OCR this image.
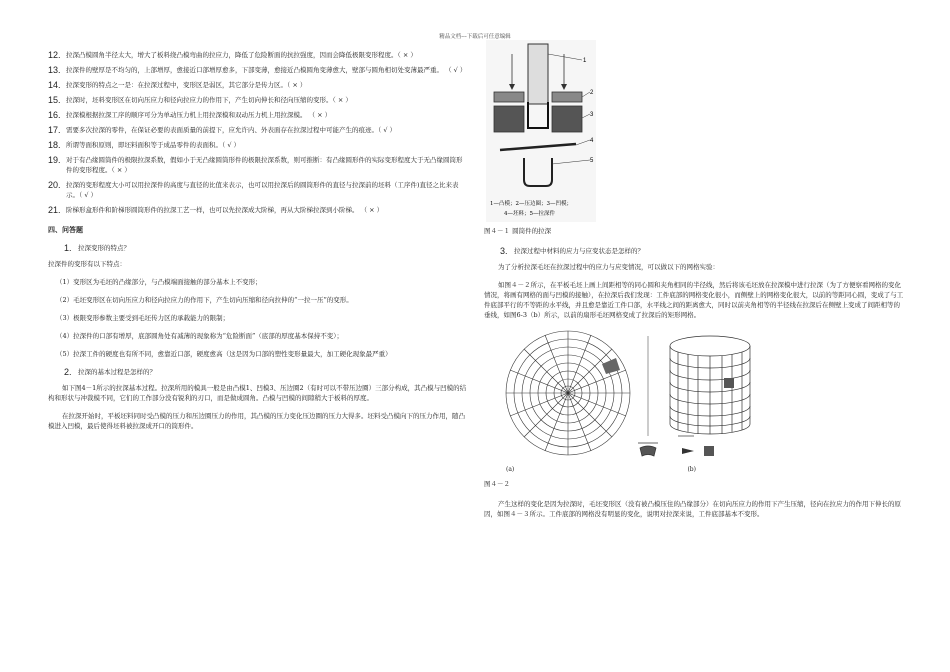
精品文档---下载后可任意编辑
12. 拉深凸模圆角半径太大，增大了板料绕凸模弯曲的拉应力，降低了危险断面的抗拉强度，因而会降低极限变形程度。（ × ）
13. 拉深件的壁厚是不均匀的，上部增厚，愈接近口部增厚愈多，下部变薄，愈接近凸模圆角变薄愈大，壁部与圆角相切处变薄最严重。 （ √ ）
14. 拉深变形的特点之一是：在拉深过程中，变形区是弱区，其它部分是传力区。（ × ）
15. 拉深时，坯料变形区在切向压应力和径向拉应力的作用下，产生切向伸长和径向压缩的变形。（ × ）
16. 拉深模根据拉深工序的顺序可分为单动压力机上用拉深模和双动压力机上用拉深模。 （ × ）
17. 需要多次拉深的零件，在保证必要的表面质量的前提下，应允许内、外表面存在拉深过程中可能产生的痕迹。（ √ ）
18. 所谓等面积原则，即坯料面积等于成品零件的表面积。（ √ ）
19. 对于有凸缘圆筒件的极限拉深系数，假如小于无凸缘圆筒形件的极限拉深系数，则可推断：有凸缘圆形件的实际变形程度大于无凸缘圆筒形件的变形程度。（ × ）
20. 拉深的变形程度大小可以用拉深件的高度与直径的比值来表示，也可以用拉深后的圆筒形件的直径与拉深前的坯料（工序件)直径之比来表示。（ √ ）
21. 阶梯形盒形件和阶梯形圆筒形件的拉深工艺一样，也可以先拉深成大阶梯，再从大阶梯拉深到小阶梯。 （ × ）
四、问答题
1. 拉深变形的特点？
拉深件的变形有以下特点：
（1）变形区为毛坯的凸缘部分，与凸模端面接触的部分基本上不变形；
（2）毛坯变形区在切向压应力和径向拉应力的作用下，产生切向压缩和径向拉伸的“一拉一压”的变形。
（3）极限变形参数主要受到毛坯传力区的承载能力的限制；
（4）拉深件的口部有增厚，底部圆角处有减薄的现象称为“危险断面”（底部的厚度基本保持不变）；
（5）拉深工件的硬度也有所不同，愈靠近口部，硬度愈高（这是因为口部的塑性变形量最大，加工硬化现象最严重）
2. 拉深的基本过程是怎样的？
如下图4－1所示的拉深基本过程。拉深所用的模具一般是由凸模1、凹模3、压边圈2（有时可以不带压边圈）三部分构成，其凸模与凹模的结构和形状与冲裁模不同，它们的工作部分没有锐利的刃口，而是做成圆角。凸模与凹模的间隙稍大于板料的厚度。
在拉深开始时，平板坯料同时受凸模的压力和压边圈压力的作用，其凸模的压力变化压边圈的压力大得多。坯料受凸模向下的压力作用，随凸模进入凹模，最后使得坯料被拉深成开口的筒形件。
1
2
3
4
5
1—凸模；2—压边圈；3—凹模；
4—坯料；5—拉深件
图４－１ 圆筒件的拉深
3. 拉深过程中材料的应力与应变状态是怎样的？
为了分析拉深毛坯在拉深过程中的应力与应变情况，可以做以下的网格实验：
如图４－２所示，在平板毛坯上画上间距相等的同心圆和夹角相同的半径线，然后将该毛坯放在拉深模中进行拉深（为了方便察看网格的变化情况，将画有网格的面与凹模的接触），在拉深后我们发现：工件底部的网格变化很小，而侧壁上的网格变化很大，以前的等距同心圆，变成了与工件底部平行的不等距的水平线，并且愈是靠近工件口部，水平线之间的距离愈大，同时以前夹角相等的半径线在拉深后在侧壁上变成了间距相等的垂线，如图6-3（b）所示，以前的扇形毛坯网格变成了拉深后的矩形网格。
(a)	(b)
图４－２
产生这样的变化是因为拉深时，毛坯变形区（没有被凸模压住的凸缘部分）在切向压应力的作用下产生压缩，径向在拉应力的作用下伸长的原因，如图４－３所示。工件底部的网格没有明显的变化，说明对拉深来说，工件底部基本不变形。
